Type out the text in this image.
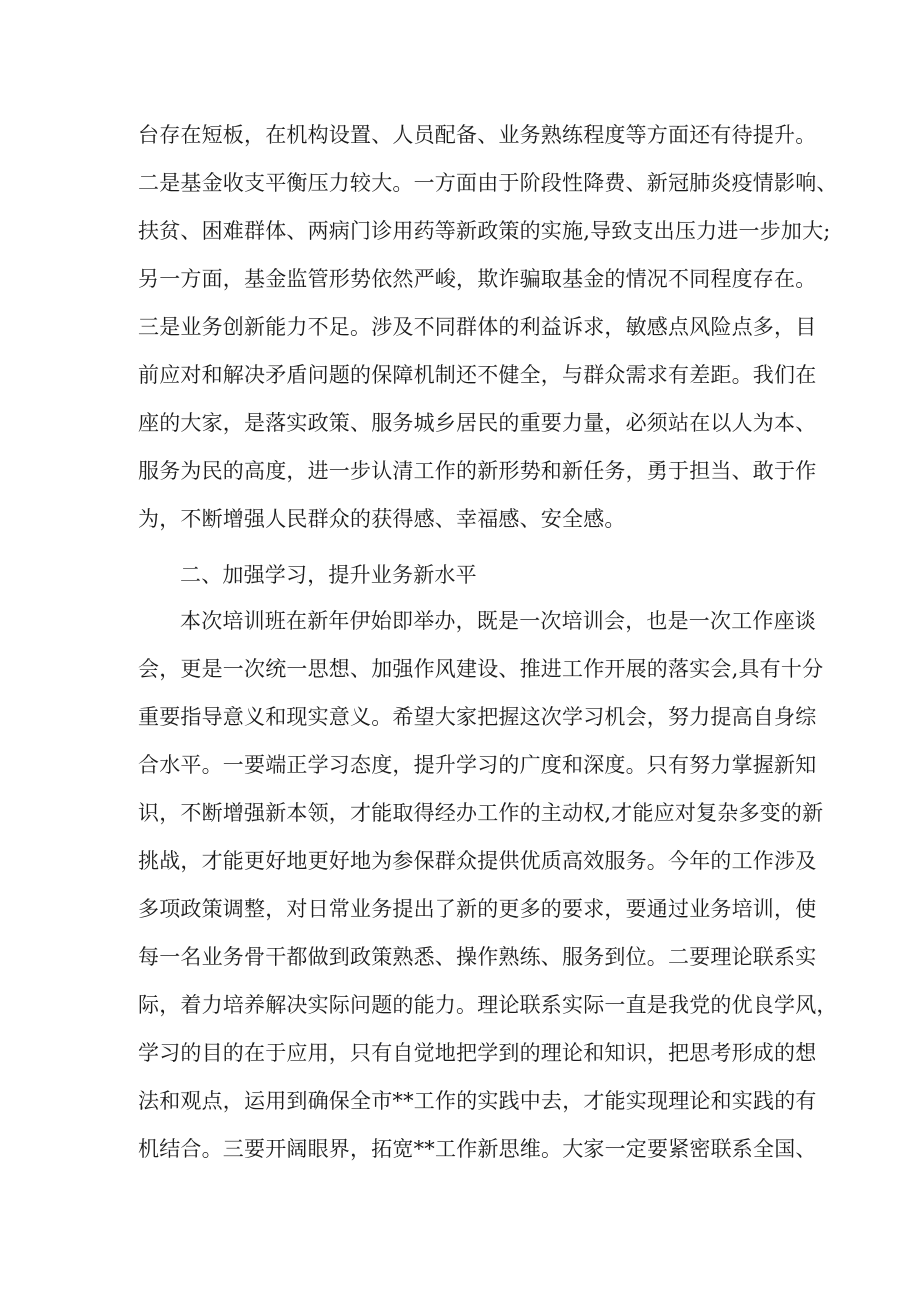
台存在短板，在机构设置、人员配备、业务熟练程度等方面还有待提升。
二是基金收支平衡压力较大。一方面由于阶段性降费、新冠肺炎疫情影响、
扶贫、困难群体、两病门诊用药等新政策的实施,导致支出压力进一步加大;
另一方面，基金监管形势依然严峻，欺诈骗取基金的情况不同程度存在。
三是业务创新能力不足。涉及不同群体的利益诉求，敏感点风险点多，目
前应对和解决矛盾问题的保障机制还不健全，与群众需求有差距。我们在
座的大家，是落实政策、服务城乡居民的重要力量，必须站在以人为本、
服务为民的高度，进一步认清工作的新形势和新任务，勇于担当、敢于作
为，不断增强人民群众的获得感、幸福感、安全感。
二、加强学习，提升业务新水平
本次培训班在新年伊始即举办，既是一次培训会，也是一次工作座谈
会，更是一次统一思想、加强作风建设、推进工作开展的落实会,具有十分
重要指导意义和现实意义。希望大家把握这次学习机会，努力提高自身综
合水平。一要端正学习态度，提升学习的广度和深度。只有努力掌握新知
识，不断增强新本领，才能取得经办工作的主动权,才能应对复杂多变的新
挑战，才能更好地更好地为参保群众提供优质高效服务。今年的工作涉及
多项政策调整，对日常业务提出了新的更多的要求，要通过业务培训，使
每一名业务骨干都做到政策熟悉、操作熟练、服务到位。二要理论联系实
际，着力培养解决实际问题的能力。理论联系实际一直是我党的优良学风，
学习的目的在于应用，只有自觉地把学到的理论和知识，把思考形成的想
法和观点，运用到确保全市**工作的实践中去，才能实现理论和实践的有
机结合。三要开阔眼界，拓宽**工作新思维。大家一定要紧密联系全国、
